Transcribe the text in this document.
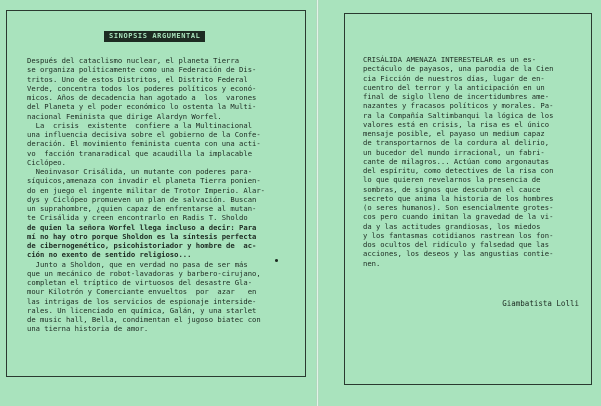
SINOPSIS ARGUMENTAL
Después del cataclismo nuclear, el planeta Tierra
se organiza políticamente como una Federación de Dis-
tritos. Uno de estos Distritos, el Distrito Federal
Verde, concentra todos los poderes políticos y econó-
micos. Años de decadencia han agotado a  los  varones
del Planeta y el poder económico lo ostenta la Multi-
nacional Feminista que dirige Alardyn Worfel.
La  crisis  existente  confiere a la Multinacional
una influencia decisiva sobre el gobierno de la Confe-
deración. El movimiento feminista cuenta con una acti-
vo  facción tranaradical que acaudilla la implacable
Ciclópeo.
Neoinvasor Crisálida, un mutante con poderes para-
síquicos,amenaza con invadir el planeta Tierra ponien-
do en juego el ingente militar de Trotor Imperio. Alar-
dys y Ciclópeo promueven un plan de salvación. Buscan
un suprahombre, ¿quien capaz de enfrentarse al mutan-
te Crisálida y creen encontrarlo en Radis T. Sholdo
de quien la señora Worfel llega incluso a decir: Para
mí no hay otro porque Sholdon es la síntesis perfecta
de cibernogenético, psicohistoriador y hombre de  ac-
ción no exento de sentido religioso...
Junto a Sholdon, que en verdad no pasa de ser más
que un mecánico de robot-lavadoras y barbero-cirujano,
completan el tríptico de virtuosos del desastre Gla-
mour Kilotrón y Comerciante envueltos  por  azar   en
las intrigas de los servicios de espionaje interside-
rales. Un licenciado en química, Galán, y una starlet
de music hall, Bella, condimentan el jugoso biatec con
una tierna historia de amor.
CRISÁLIDA AMENAZA INTERESTELAR es un es-
pectáculo de payasos, una parodia de la Cien
cia Ficción de nuestros días, lugar de en-
cuentro del terror y la anticipación en un
final de siglo lleno de incertidumbres ame-
nazantes y fracasos políticos y morales. Pa-
ra la Compañía Saltimbanqui la lógica de los
valores está en crisis, la risa es el único
mensaje posible, el payaso un medium capaz
de transportarnos de la cordura al delirio,
un bucedor del mundo irracional, un fabri-
cante de milagros... Actúan como argonautas
del espíritu, como detectives de la risa con
lo que quieren revelarnos la presencia de
sombras, de signos que descubran el cauce
secreto que anima la historia de los hombres
(o seres humanos). Son esencialmente grotes-
cos pero cuando imitan la gravedad de la vi-
da y las actitudes grandiosas, los miedos
y los fantasmas cotidianos rastrean los fon-
dos ocultos del ridículo y falsedad que las
acciones, los deseos y las angustias contie-
nen.
Giambatista Lolli
